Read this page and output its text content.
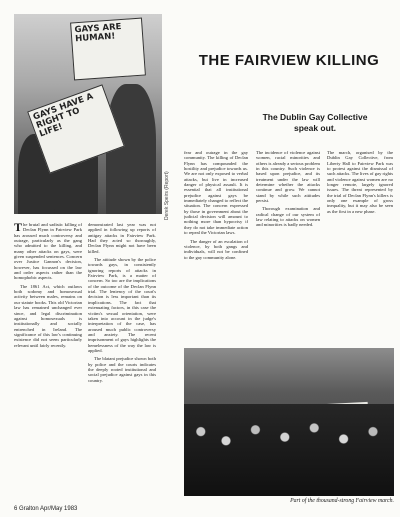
GAYS ARE HUMAN!
GAYS HAVE A RIGHT TO LIFE!
Derek Speirs (Report)
THE FAIRVIEW KILLING
The Dublin Gay Collective speak out.

The brutal and sadistic killing of Declan Flynn in Fairview Park has aroused much controversy and outrage, particularly as the gang who admitted to the killing, and many other attacks on gays, were given suspended sentences. Concern over Justice Gannon's decision, however, has focussed on the law and order aspects rather than the homophobic aspects.

The 1861 Act, which outlaws both sodomy and homosexual activity between males, remains on our statute books. This old Victorian law has remained unchanged ever since, and legal discrimination against homosexuals is institutionally and socially entrenched in Ireland. The significance of this law's continuing existence did not seem particularly relevant until fairly recently.

demonstrated last year was not applied in following up reports of antigay attacks in Fairview Park. Had they acted so thoroughly, Declan Flynn might not have been killed.

The attitude shown by the police towards gays, in consistently ignoring reports of attacks in Fairview Park, is a matter of concern. So too are the implications of the outcome of the Declan Flynn trial. The leniency of the court's decision is less important than its implications. The fact that extenuating factors, in this case the victim's sexual orientation, were taken into account in the judge's interpretation of the case, has aroused much public controversy and anxiety. The recent imprisonment of gays highlights the hemelessness of the way the law is applied.

The blatant prejudice shown both by police and the courts indicates the deeply rooted institutional and social prejudice against gays in this country.

fear and outrage in the gay community. The killing of Declan Flynn has compounded the hostility and prejudice towards us. We are not only exposed to verbal attacks, but live in increased danger of physical assault. It is essential that all institutional prejudice against gays be immediately changed to reflect the situation. The concern expressed by those in government about the judicial decision will amount to nothing more than hypocrisy if they do not take immediate action to repeal the Victorian laws.

The danger of an escalation of violence, by both gangs and individuals, will not be confined to the gay community alone.

The incidence of violence against women, racial minorities and others is already a serious problem in this country. Such violence is based upon prejudice, and its treatment under the law will determine whether the attacks continue and grow. We cannot stand by while such attitudes persist.

Thorough examination and radical change of our system of law relating to attacks on women and minorities is badly needed.

The march, organised by the Dublin Gay Collective, from Liberty Hall to Fairview Park was to protest against the dismissal of such attacks. The lives of gay rights and violence against women are no longer remote, largely ignored issues. The threat represented by the trial of Declan Flynn's killers is only one example of gross inequality, but it may also be seen as the first in a new phase.

Part of the thousand-strong Fairview march.
6 Gralton Apr/May 1983
